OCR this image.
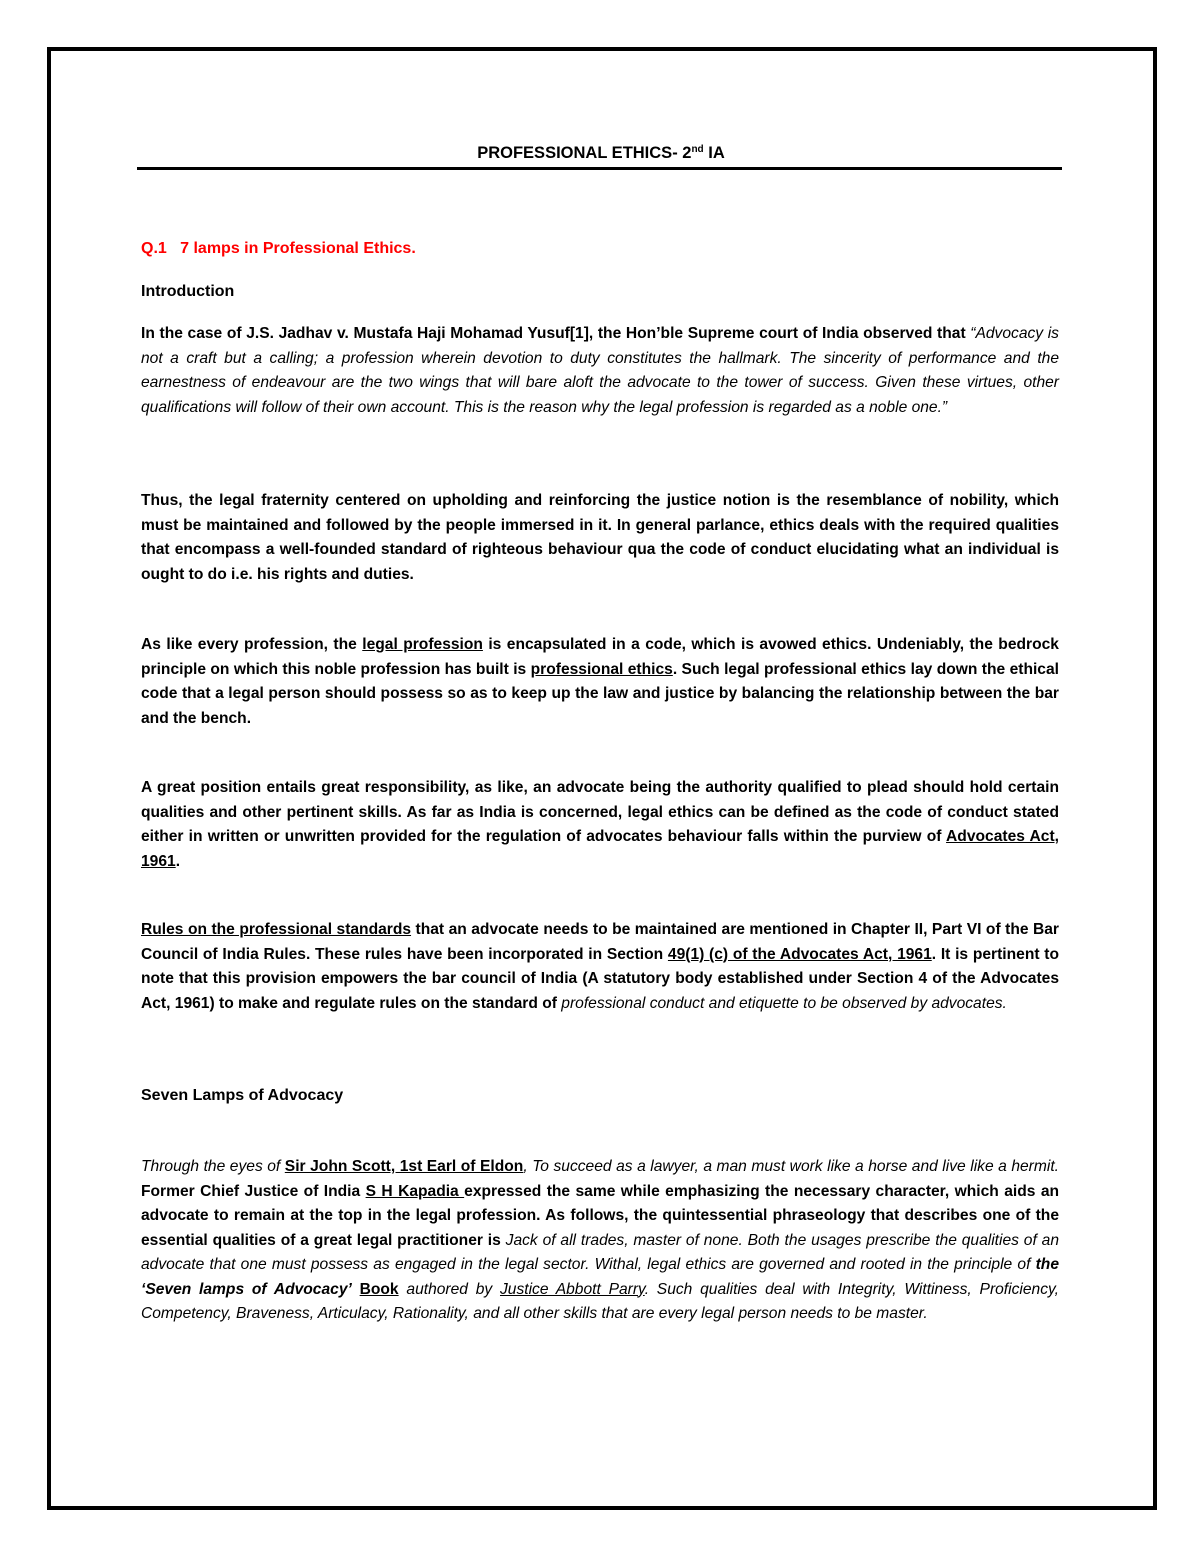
PROFESSIONAL ETHICS- 2nd IA
Q.1 7 lamps in Professional Ethics.
Introduction
In the case of J.S. Jadhav v. Mustafa Haji Mohamad Yusuf[1], the Hon’ble Supreme court of India observed that “Advocacy is not a craft but a calling; a profession wherein devotion to duty constitutes the hallmark. The sincerity of performance and the earnestness of endeavour are the two wings that will bare aloft the advocate to the tower of success. Given these virtues, other qualifications will follow of their own account. This is the reason why the legal profession is regarded as a noble one.”
Thus, the legal fraternity centered on upholding and reinforcing the justice notion is the resemblance of nobility, which must be maintained and followed by the people immersed in it. In general parlance, ethics deals with the required qualities that encompass a well-founded standard of righteous behaviour qua the code of conduct elucidating what an individual is ought to do i.e. his rights and duties.
As like every profession, the legal profession is encapsulated in a code, which is avowed ethics. Undeniably, the bedrock principle on which this noble profession has built is professional ethics. Such legal professional ethics lay down the ethical code that a legal person should possess so as to keep up the law and justice by balancing the relationship between the bar and the bench.
A great position entails great responsibility, as like, an advocate being the authority qualified to plead should hold certain qualities and other pertinent skills. As far as India is concerned, legal ethics can be defined as the code of conduct stated either in written or unwritten provided for the regulation of advocates behaviour falls within the purview of Advocates Act, 1961.
Rules on the professional standards that an advocate needs to be maintained are mentioned in Chapter II, Part VI of the Bar Council of India Rules. These rules have been incorporated in Section 49(1) (c) of the Advocates Act, 1961. It is pertinent to note that this provision empowers the bar council of India (A statutory body established under Section 4 of the Advocates Act, 1961) to make and regulate rules on the standard of professional conduct and etiquette to be observed by advocates.
Seven Lamps of Advocacy
Through the eyes of Sir John Scott, 1st Earl of Eldon, To succeed as a lawyer, a man must work like a horse and live like a hermit. Former Chief Justice of India S H Kapadia expressed the same while emphasizing the necessary character, which aids an advocate to remain at the top in the legal profession. As follows, the quintessential phraseology that describes one of the essential qualities of a great legal practitioner is Jack of all trades, master of none. Both the usages prescribe the qualities of an advocate that one must possess as engaged in the legal sector. Withal, legal ethics are governed and rooted in the principle of the ‘Seven lamps of Advocacy’ Book authored by Justice Abbott Parry. Such qualities deal with Integrity, Wittiness, Proficiency, Competency, Braveness, Articulacy, Rationality, and all other skills that are every legal person needs to be master.
